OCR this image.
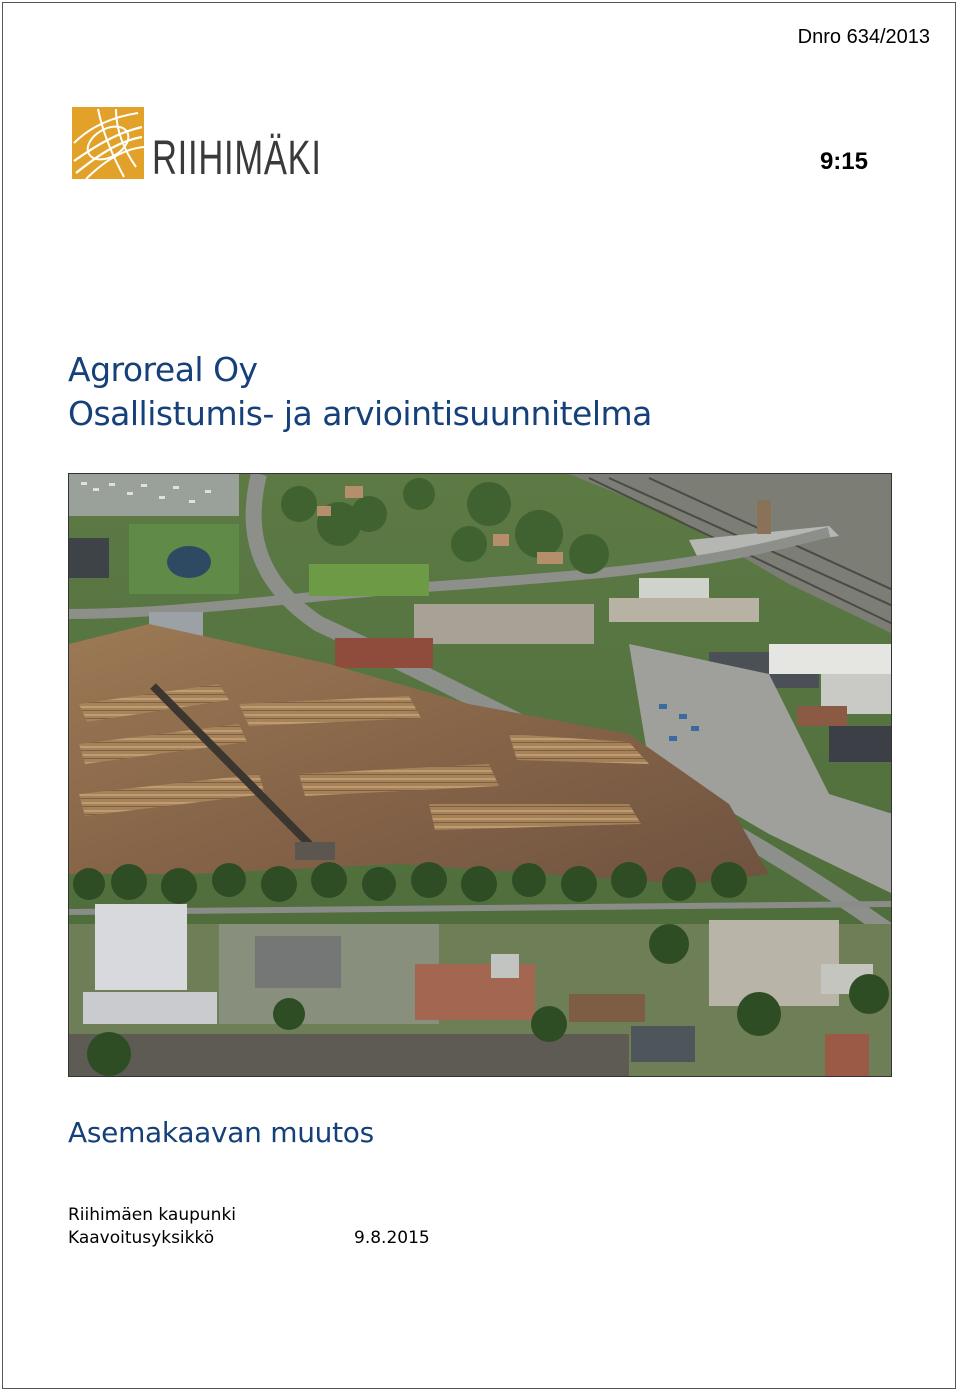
Dnro 634/2013
9:15
RIIHIMÄKI
Agroreal Oy
Osallistumis- ja arviointisuunnitelma
Asemakaavan muutos
Riihimäen kaupunki
Kaavoitusyksikkö	9.8.2015
